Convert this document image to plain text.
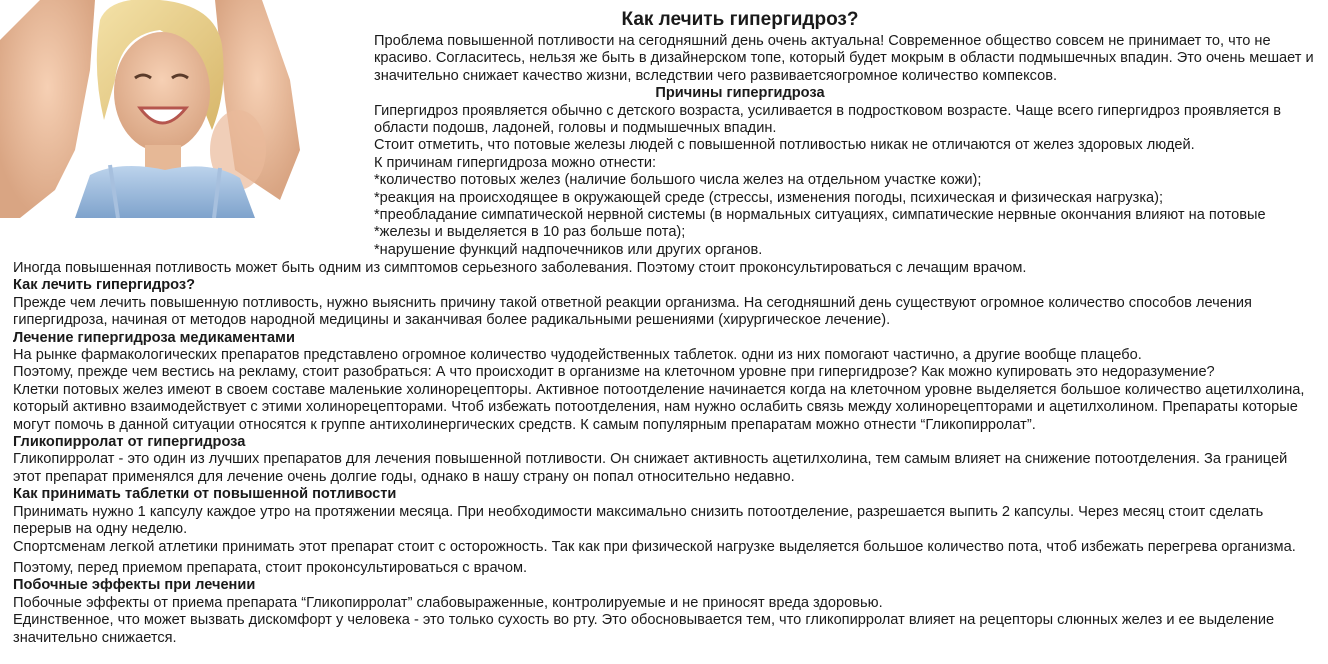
Как лечить гипергидроз?

Проблема повышенной потливости на сегодняшний день очень актуальна! Современное общество совсем не принимает то, что не красиво. Согласитесь, нельзя же быть в дизайнерском топе, который будет мокрым в области подмышечных впадин. Это очень мешает и значительно снижает качество жизни, вследствии чего развиваетсяогромное количество компексов.

Причины гипергидроза

Гипергидроз проявляется обычно с детского возраста, усиливается в подростковом возрасте. Чаще всего гипергидроз проявляется в области подошв, ладоней, головы и подмышечных впадин.

Стоит отметить, что потовые железы людей с повышенной потливостью никак не отличаются от желез здоровых людей.

К причинам гипергидроза можно отнести:

*количество потовых желез (наличие большого числа желез на отдельном участке кожи);

*реакция на происходящее в окружающей среде (стрессы, изменения погоды, психическая и физическая нагрузка);

*преобладание симпатической нервной системы (в нормальных ситуациях, симпатические нервные окончания влияют на потовые *железы и выделяется в 10 раз больше пота);

*нарушение функций надпочечников или других органов.

Иногда повышенная потливость может быть одним из симптомов серьезного заболевания. Поэтому стоит проконсультироваться с лечащим врачом.

Как лечить гипергидроз?

Прежде чем лечить повышенную потливость, нужно выяснить причину такой ответной реакции организма. На сегодняшний день существуют огромное количество способов лечения гипергидроза, начиная от методов народной медицины и заканчивая более радикальными решениями (хирургическое лечение).

Лечение гипергидроза медикаментами

На рынке фармакологических препаратов представлено огромное количество чудодейственных таблеток. одни из них помогают частично, а другие вообще плацебо.

Поэтому, прежде чем вестись на рекламу, стоит разобраться: А что происходит в организме на клеточном уровне при гипергидрозе? Как можно купировать это недоразумение?

Клетки потовых желез имеют в своем составе маленькие холинорецепторы. Активное потоотделение начинается когда на клеточном уровне выделяется большое количество ацетилхолина, который активно взаимодействует с этими холинорецепторами. Чтоб избежать потоотделения, нам нужно ослабить связь между холинорецепторами и ацетилхолином. Препараты которые могут помочь в данной ситуации относятся к группе антихолинергических средств. К самым популярным препаратам можно отнести “Гликопирролат”.

Гликопирролат от гипергидроза

Гликопирролат - это один из лучших препаратов для лечения повышенной потливости. Он снижает активность ацетилхолина, тем самым влияет на снижение потоотделения. За границей этот препарат применялся для лечение очень долгие годы, однако в нашу страну он попал относительно недавно.

Как принимать таблетки от повышенной потливости

Принимать нужно 1 капсулу каждое утро на протяжении месяца. При необходимости максимально снизить потоотделение, разрешается выпить 2 капсулы. Через месяц стоит сделать перерыв на одну неделю.

Спортсменам легкой атлетики принимать этот препарат стоит с осторожность. Так как при физической нагрузке выделяется большое количество пота, чтоб избежать перегрева организма.

Поэтому, перед приемом препарата, стоит проконсультироваться с врачом.

Побочные эффекты при лечении

Побочные эффекты от приема препарата “Гликопирролат” слабовыраженные, контролируемые и не приносят вреда здоровью.

Единственное, что может вызвать дискомфорт у человека - это только сухость во рту. Это обосновывается тем, что гликопирролат влияет на рецепторы слюнных желез и ее выделение значительно снижается.
